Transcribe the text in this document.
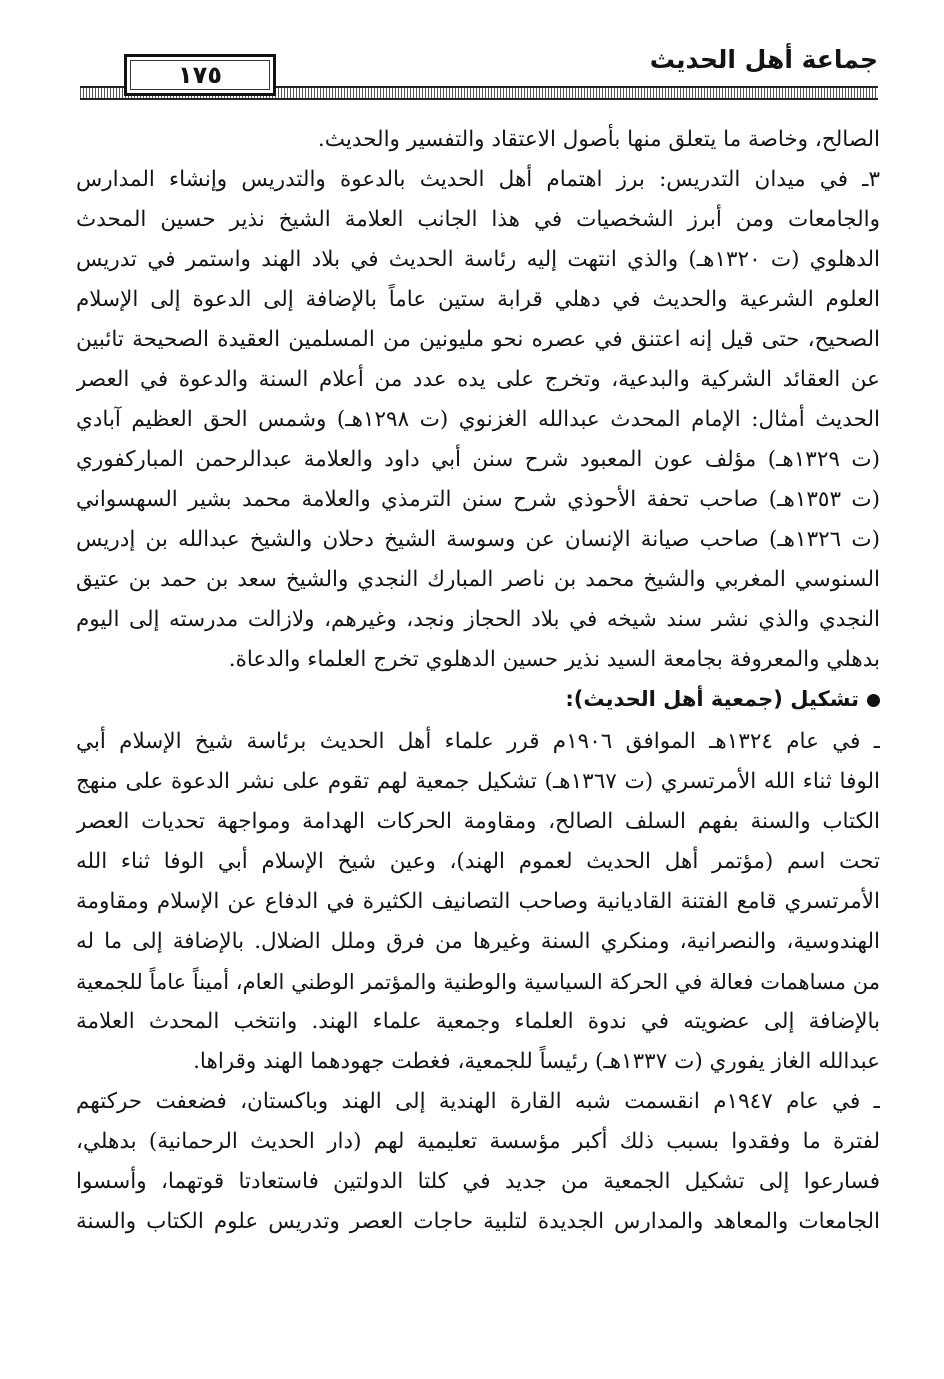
١٧٥
جماعة أهل الحديث
الصالح، وخاصة ما يتعلق منها بأصول الاعتقاد والتفسير والحديث.
٣ـ في ميدان التدريس: برز اهتمام أهل الحديث بالدعوة والتدريس وإنشاء المدارس
والجامعات ومن أبرز الشخصيات في هذا الجانب العلامة الشيخ نذير حسين المحدث
الدهلوي (ت ١٣٢٠هـ) والذي انتهت إليه رئاسة الحديث في بلاد الهند واستمر في تدريس
العلوم الشرعية والحديث في دهلي قرابة ستين عاماً بالإضافة إلى الدعوة إلى الإسلام
الصحيح، حتى قيل إنه اعتنق في عصره نحو مليونين من المسلمين العقيدة الصحيحة تائبين
عن العقائد الشركية والبدعية، وتخرج على يده عدد من أعلام السنة والدعوة في العصر
الحديث أمثال: الإمام المحدث عبدالله الغزنوي (ت ١٢٩٨هـ) وشمس الحق العظيم آبادي
(ت ١٣٢٩هـ) مؤلف عون المعبود شرح سنن أبي داود والعلامة عبدالرحمن المباركفوري
(ت ١٣٥٣هـ) صاحب تحفة الأحوذي شرح سنن الترمذي والعلامة محمد بشير السهسواني
(ت ١٣٢٦هـ) صاحب صيانة الإنسان عن وسوسة الشيخ دحلان والشيخ عبدالله بن إدريس
السنوسي المغربي والشيخ محمد بن ناصر المبارك النجدي والشيخ سعد بن حمد بن عتيق
النجدي والذي نشر سند شيخه في بلاد الحجاز ونجد، وغيرهم، ولازالت مدرسته إلى اليوم
بدهلي والمعروفة بجامعة السيد نذير حسين الدهلوي تخرج العلماء والدعاة.
تشكيل (جمعية أهل الحديث):
ـ في عام ١٣٢٤هـ الموافق ١٩٠٦م قرر علماء أهل الحديث برئاسة شيخ الإسلام أبي
الوفا ثناء الله الأمرتسري (ت ١٣٦٧هـ) تشكيل جمعية لهم تقوم على نشر الدعوة على منهج
الكتاب والسنة بفهم السلف الصالح، ومقاومة الحركات الهدامة ومواجهة تحديات العصر
تحت اسم (مؤتمر أهل الحديث لعموم الهند)، وعين شيخ الإسلام أبي الوفا ثناء الله
الأمرتسري قامع الفتنة القاديانية وصاحب التصانيف الكثيرة في الدفاع عن الإسلام ومقاومة
الهندوسية، والنصرانية، ومنكري السنة وغيرها من فرق وملل الضلال. بالإضافة إلى ما له
من مساهمات فعالة في الحركة السياسية والوطنية والمؤتمر الوطني العام، أميناً عاماً للجمعية
بالإضافة إلى عضويته في ندوة العلماء وجمعية علماء الهند. وانتخب المحدث العلامة
عبدالله الغاز يفوري (ت ١٣٣٧هـ) رئيساً للجمعية، فغطت جهودهما الهند وقراها.
ـ في عام ١٩٤٧م انقسمت شبه القارة الهندية إلى الهند وباكستان، فضعفت حركتهم
لفترة ما وفقدوا بسبب ذلك أكبر مؤسسة تعليمية لهم (دار الحديث الرحمانية) بدهلي،
فسارعوا إلى تشكيل الجمعية من جديد في كلتا الدولتين فاستعادتا قوتهما، وأسسوا
الجامعات والمعاهد والمدارس الجديدة لتلبية حاجات العصر وتدريس علوم الكتاب والسنة
